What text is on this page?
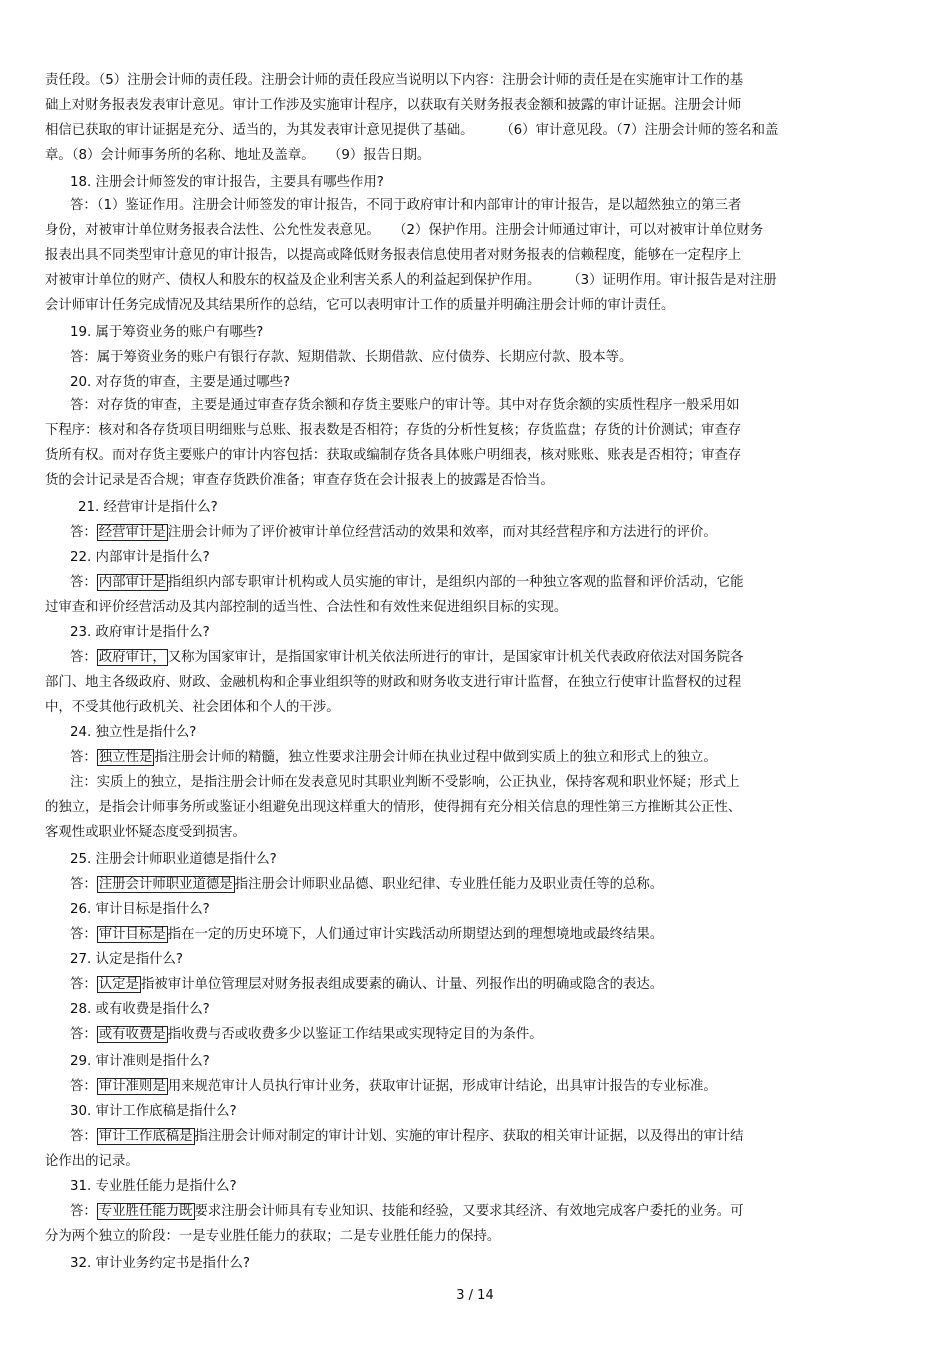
责任段。（5）注册会计师的责任段。注册会计师的责任段应当说明以下内容：注册会计师的责任是在实施审计工作的基
础上对财务报表发表审计意见。审计工作涉及实施审计程序，以获取有关财务报表金额和披露的审计证据。注册会计师
相信已获取的审计证据是充分、适当的，为其发表审计意见提供了基础。　　　（6）审计意见段。（7）注册会计师的签名和盖
章。（8）会计师事务所的名称、地址及盖章。　　（9）报告日期。
18. 注册会计师签发的审计报告，主要具有哪些作用?
答：（1）鉴证作用。注册会计师签发的审计报告，不同于政府审计和内部审计的审计报告，是以超然独立的第三者
身份，对被审计单位财务报表合法性、公允性发表意见。　　（2）保护作用。注册会计师通过审计，可以对被审计单位财务
报表出具不同类型审计意见的审计报告，以提高或降低财务报表信息使用者对财务报表的信赖程度，能够在一定程序上
对被审计单位的财产、债权人和股东的权益及企业利害关系人的利益起到保护作用。　　　（3）证明作用。审计报告是对注册
会计师审计任务完成情况及其结果所作的总结，它可以表明审计工作的质量并明确注册会计师的审计责任。
19. 属于筹资业务的账户有哪些?
答：属于筹资业务的账户有银行存款、短期借款、长期借款、应付债券、长期应付款、股本等。
20. 对存货的审查，主要是通过哪些?
答：对存货的审查，主要是通过审查存货余额和存货主要账户的审计等。其中对存货余额的实质性程序一般采用如
下程序：核对和各存货项目明细账与总账、报表数是否相符；存货的分析性复核；存货监盘；存货的计价测试；审查存
货所有权。而对存货主要账户的审计内容包括：获取或编制存货各具体账户明细表，核对账账、账表是否相符；审查存
货的会计记录是否合规；审查存货跌价准备；审查存货在会计报表上的披露是否恰当。
21. 经营审计是指什么?
答： 经营审计是 注册会计师为了评价被审计单位经营活动的效果和效率，而对其经营程序和方法进行的评价。
22. 内部审计是指什么?
答： 内部审计是 指组织内部专职审计机构或人员实施的审计，是组织内部的一种独立客观的监督和评价活动，它能
过审查和评价经营活动及其内部控制的适当性、合法性和有效性来促进组织目标的实现。
23. 政府审计是指什么?
答： 政府审计， 又称为国家审计，是指国家审计机关依法所进行的审计，是国家审计机关代表政府依法对国务院各
部门、地主各级政府、财政、金融机构和企事业组织等的财政和财务收支进行审计监督，在独立行使审计监督权的过程
中，不受其他行政机关、社会团体和个人的干涉。
24. 独立性是指什么?
答： 独立性是 指注册会计师的精髓，独立性要求注册会计师在执业过程中做到实质上的独立和形式上的独立。
注：实质上的独立，是指注册会计师在发表意见时其职业判断不受影响，公正执业，保持客观和职业怀疑；形式上
的独立，是指会计师事务所或鉴证小组避免出现这样重大的情形，使得拥有充分相关信息的理性第三方推断其公正性、
客观性或职业怀疑态度受到损害。
25. 注册会计师职业道德是指什么?
答： 注册会计师职业道德是 指注册会计师职业品德、职业纪律、专业胜任能力及职业责任等的总称。
26. 审计目标是指什么?
答： 审计目标是 指在一定的历史环境下，人们通过审计实践活动所期望达到的理想境地或最终结果。
27. 认定是指什么?
答： 认定是 指被审计单位管理层对财务报表组成要素的确认、计量、列报作出的明确或隐含的表达。
28. 或有收费是指什么?
答： 或有收费是 指收费与否或收费多少以鉴证工作结果或实现特定目的为条件。
29. 审计准则是指什么?
答： 审计准则是 用来规范审计人员执行审计业务，获取审计证据，形成审计结论，出具审计报告的专业标准。
30. 审计工作底稿是指什么?
答： 审计工作底稿是 指注册会计师对制定的审计计划、实施的审计程序、获取的相关审计证据，以及得出的审计结
论作出的记录。
31. 专业胜任能力是指什么?
答： 专业胜任能力既 要求注册会计师具有专业知识、技能和经验，又要求其经济、有效地完成客户委托的业务。可
分为两个独立的阶段：一是专业胜任能力的获取；二是专业胜任能力的保持。
32. 审计业务约定书是指什么?
3 / 14
